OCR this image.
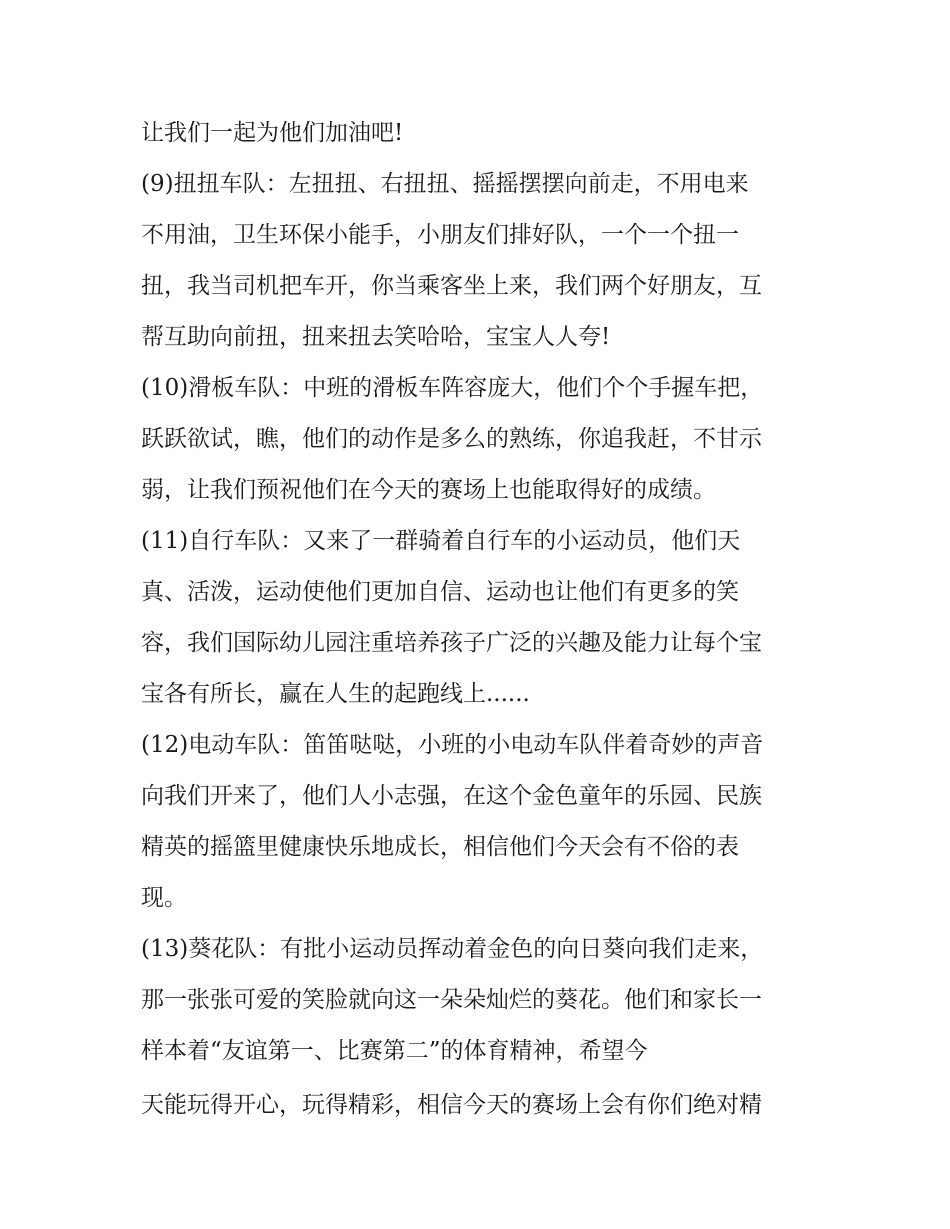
让我们一起为他们加油吧!
(9)扭扭车队：左扭扭、右扭扭、摇摇摆摆向前走，不用电来
不用油，卫生环保小能手，小朋友们排好队，一个一个扭一
扭，我当司机把车开，你当乘客坐上来，我们两个好朋友，互
帮互助向前扭，扭来扭去笑哈哈，宝宝人人夸!
(10)滑板车队：中班的滑板车阵容庞大，他们个个手握车把，
跃跃欲试，瞧，他们的动作是多么的熟练，你追我赶，不甘示
弱，让我们预祝他们在今天的赛场上也能取得好的成绩。
(11)自行车队：又来了一群骑着自行车的小运动员，他们天
真、活泼，运动使他们更加自信、运动也让他们有更多的笑
容，我们国际幼儿园注重培养孩子广泛的兴趣及能力让每个宝
宝各有所长，赢在人生的起跑线上......
(12)电动车队：笛笛哒哒，小班的小电动车队伴着奇妙的声音
向我们开来了，他们人小志强，在这个金色童年的乐园、民族
精英的摇篮里健康快乐地成长，相信他们今天会有不俗的表
现。
(13)葵花队：有批小运动员挥动着金色的向日葵向我们走来，
那一张张可爱的笑脸就向这一朵朵灿烂的葵花。他们和家长一
样本着“友谊第一、比赛第二”的体育精神，希望今
天能玩得开心，玩得精彩，相信今天的赛场上会有你们绝对精
